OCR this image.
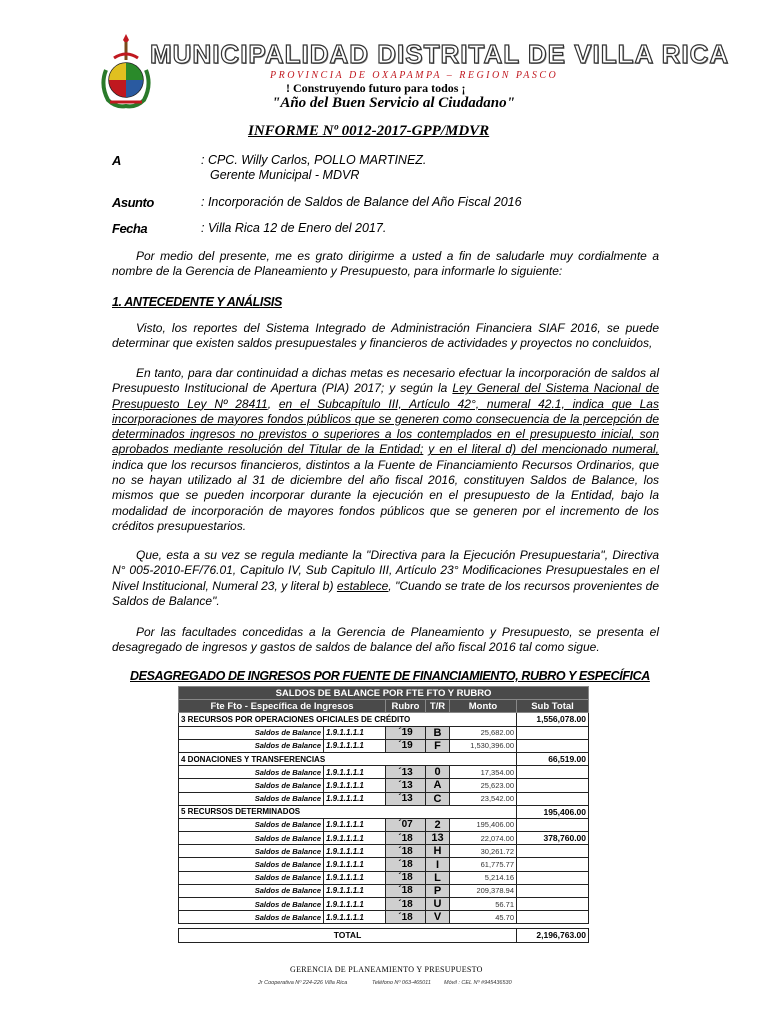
MUNICIPALIDAD DISTRITAL DE VILLA RICA
PROVINCIA DE OXAPAMPA – REGION PASCO
! Construyendo futuro para todos ¡
"Año del Buen Servicio al Ciudadano"
INFORME Nº 0012-2017-GPP/MDVR
A	: CPC. Willy Carlos, POLLO MARTINEZ.
Gerente Municipal - MDVR
Asunto	: Incorporación de Saldos de Balance del Año Fiscal 2016
Fecha	: Villa Rica 12 de Enero del 2017.

Por medio del presente, me es grato dirigirme a usted a fin de saludarle muy cordialmente a nombre de la Gerencia de Planeamiento y Presupuesto, para informarle lo siguiente:

1. ANTECEDENTE Y ANÁLISIS

Visto, los reportes del Sistema Integrado de Administración Financiera SIAF 2016, se puede determinar que existen saldos presupuestales y financieros de actividades y proyectos no concluidos,

En tanto, para dar continuidad a dichas metas es necesario efectuar la incorporación de saldos al Presupuesto Institucional de Apertura (PIA) 2017; y según la Ley General del Sistema Nacional de Presupuesto Ley Nº 28411, en el Subcapítulo III, Artículo 42°, numeral 42.1, indica que Las incorporaciones de mayores fondos públicos que se generen como consecuencia de la percepción de determinados ingresos no previstos o superiores a los contemplados en el presupuesto inicial, son aprobados mediante resolución del Titular de la Entidad; y en el literal d) del mencionado numeral, indica que los recursos financieros, distintos a la Fuente de Financiamiento Recursos Ordinarios, que no se hayan utilizado al 31 de diciembre del año fiscal 2016, constituyen Saldos de Balance, los mismos que se pueden incorporar durante la ejecución en el presupuesto de la Entidad, bajo la modalidad de incorporación de mayores fondos públicos que se generen por el incremento de los créditos presupuestarios.

Que, esta a su vez se regula mediante la "Directiva para la Ejecución Presupuestaria", Directiva N° 005-2010-EF/76.01, Capitulo IV, Sub Capitulo III, Artículo 23° Modificaciones Presupuestales en el Nivel Institucional, Numeral 23, y literal b) establece, "Cuando se trate de los recursos provenientes de Saldos de Balance".

Por las facultades concedidas a la Gerencia de Planeamiento y Presupuesto, se presenta el desagregado de ingresos y gastos de saldos de balance del año fiscal 2016 tal como sigue.

DESAGREGADO DE INGRESOS POR FUENTE DE FINANCIAMIENTO, RUBRO Y ESPECÍFICA
SALDOS DE BALANCE POR FTE FTO Y RUBRO					
Fte Fto - Específica de Ingresos		Rubro	T/R	Monto	Sub Total
3 RECURSOS POR OPERACIONES OFICIALES DE CRÉDITO					1,556,078.00
Saldos de Balance	1.9.1.1.1.1	´19	B	25,682.00	
Saldos de Balance	1.9.1.1.1.1	´19	F	1,530,396.00	
4 DONACIONES Y TRANSFERENCIAS					66,519.00
Saldos de Balance	1.9.1.1.1.1	´13	0	17,354.00	
Saldos de Balance	1.9.1.1.1.1	´13	A	25,623.00	
Saldos de Balance	1.9.1.1.1.1	´13	C	23,542.00	
5 RECURSOS DETERMINADOS					195,406.00
Saldos de Balance	1.9.1.1.1.1	´07	2	195,406.00	
Saldos de Balance	1.9.1.1.1.1	´18	13	22,074.00	378,760.00
Saldos de Balance	1.9.1.1.1.1	´18	H	30,261.72	
Saldos de Balance	1.9.1.1.1.1	´18	I	61,775.77	
Saldos de Balance	1.9.1.1.1.1	´18	L	5,214.16	
Saldos de Balance	1.9.1.1.1.1	´18	P	209,378.94	
Saldos de Balance	1.9.1.1.1.1	´18	U	56.71	
Saldos de Balance	1.9.1.1.1.1	´18	V	45.70	

TOTAL					2,196,763.00
GERENCIA DE PLANEAMIENTO Y PRESUPUESTO
Jr Cooperativa Nº 224-226 Villa Rica	Teléfono Nº 063-465011 Móvil : CEL Nº #945436530
